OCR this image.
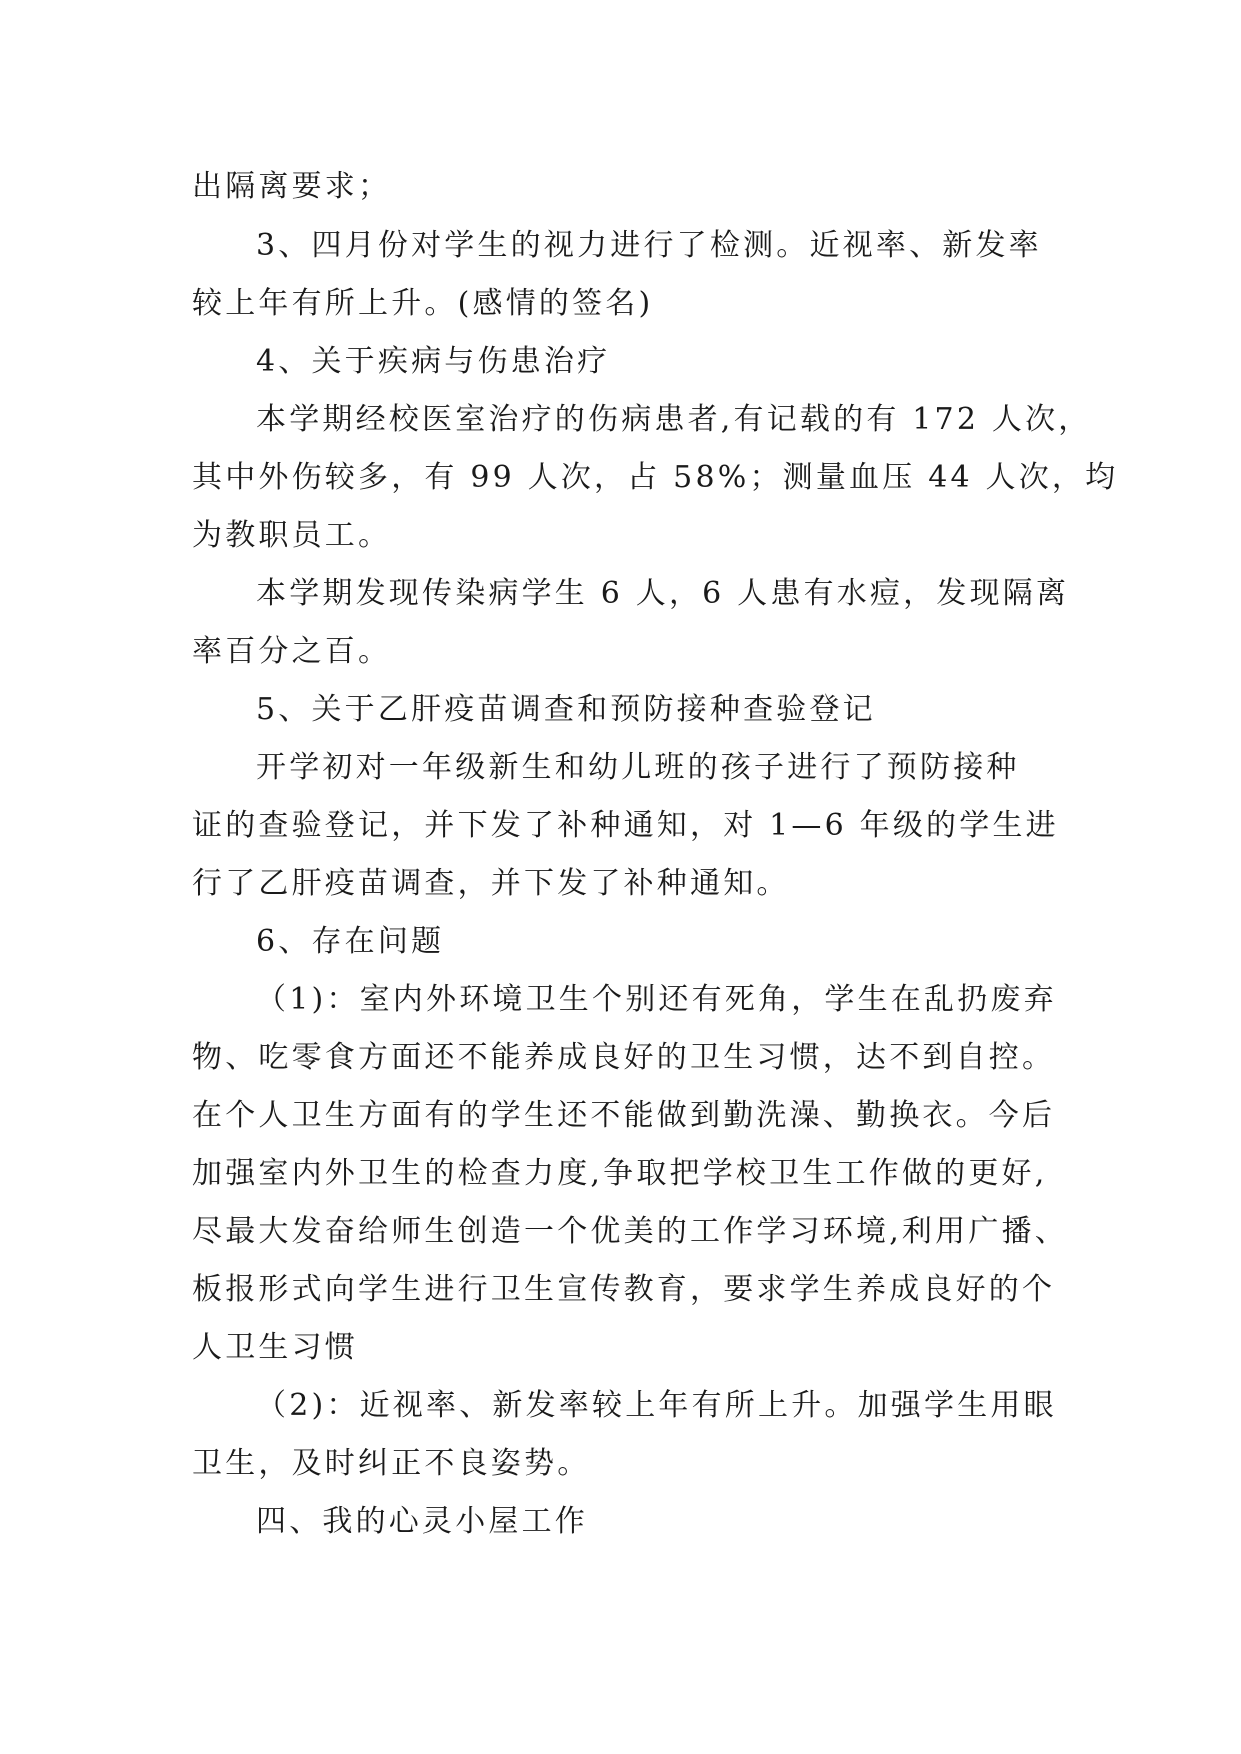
出隔离要求；
3、四月份对学生的视力进行了检测。近视率、新发率
较上年有所上升。(感情的签名)
4、关于疾病与伤患治疗
本学期经校医室治疗的伤病患者,有记载的有 172 人次，
其中外伤较多，有 99 人次，占 58%；测量血压 44 人次，均
为教职员工。
本学期发现传染病学生 6 人，6 人患有水痘，发现隔离
率百分之百。
5、关于乙肝疫苗调查和预防接种查验登记
开学初对一年级新生和幼儿班的孩子进行了预防接种
证的查验登记，并下发了补种通知，对 1—6 年级的学生进
行了乙肝疫苗调查，并下发了补种通知。
6、存在问题
（1)：室内外环境卫生个别还有死角，学生在乱扔废弃
物、吃零食方面还不能养成良好的卫生习惯，达不到自控。
在个人卫生方面有的学生还不能做到勤洗澡、勤换衣。今后
加强室内外卫生的检查力度,争取把学校卫生工作做的更好,
尽最大发奋给师生创造一个优美的工作学习环境,利用广播、
板报形式向学生进行卫生宣传教育，要求学生养成良好的个
人卫生习惯
（2)：近视率、新发率较上年有所上升。加强学生用眼
卫生，及时纠正不良姿势。
四、我的心灵小屋工作
